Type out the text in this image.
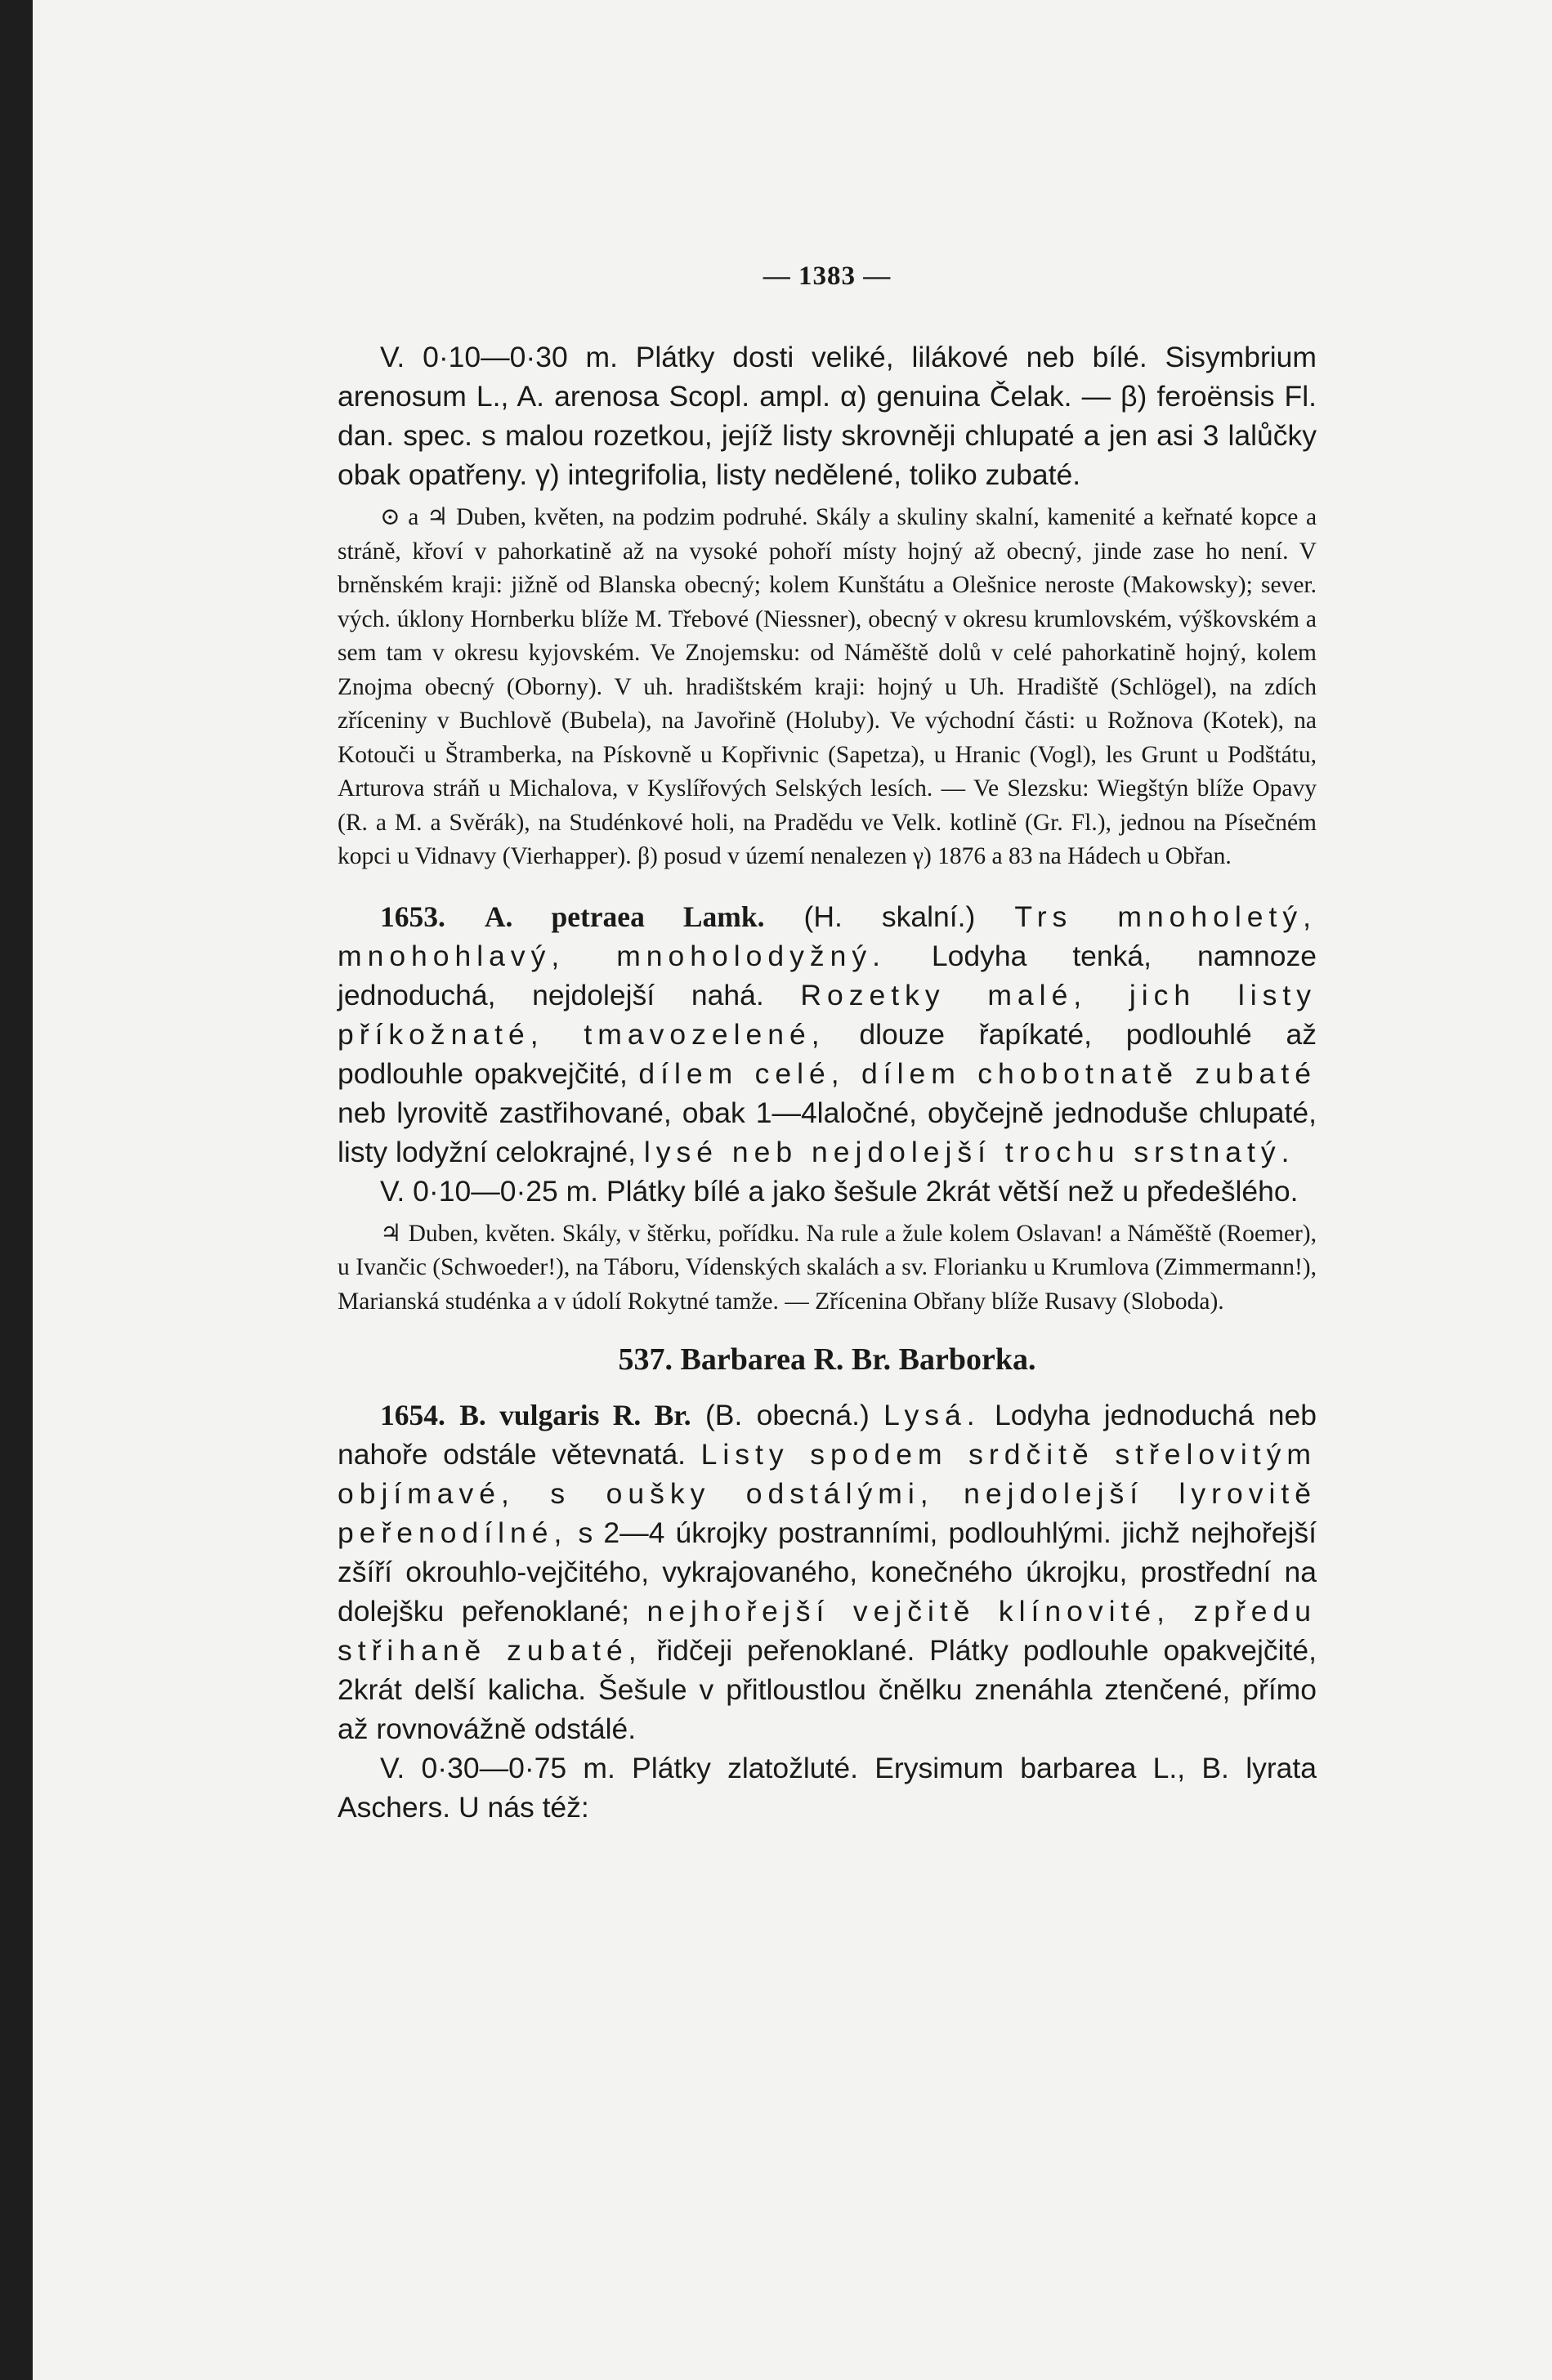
— 1383 —

V. 0·10—0·30 m. Plátky dosti veliké, lilákové neb bílé. Sisymbrium arenosum L., A. arenosa Scopl. ampl. α) genuina Čelak. — β) feroënsis Fl. dan. spec. s malou rozetkou, jejíž listy skrovněji chlupaté a jen asi 3 lalůčky obak opatřeny. γ) integrifolia, listy nedělené, toliko zubaté.

⊙ a ♃ Duben, květen, na podzim podruhé. Skály a skuliny skalní, kamenité a keřnaté kopce a stráně, křoví v pahorkatině až na vysoké pohoří místy hojný až obecný, jinde zase ho není. V brněnském kraji: jižně od Blanska obecný; kolem Kunštátu a Olešnice neroste (Makowsky); sever. vých. úklony Hornberku blíže M. Třebové (Niessner), obecný v okresu krumlovském, výškovském a sem tam v okresu kyjovském. Ve Znojemsku: od Náměště dolů v celé pahorkatině hojný, kolem Znojma obecný (Oborny). V uh. hradištském kraji: hojný u Uh. Hradiště (Schlögel), na zdích zříceniny v Buchlově (Bubela), na Javořině (Holuby). Ve východní části: u Rožnova (Kotek), na Kotouči u Štramberka, na Pískovně u Kopřivnic (Sapetza), u Hranic (Vogl), les Grunt u Podštátu, Arturova stráň u Michalova, v Kyslířových Selských lesích. — Ve Slezsku: Wiegštýn blíže Opavy (R. a M. a Svěrák), na Studénkové holi, na Pradědu ve Velk. kotlině (Gr. Fl.), jednou na Písečném kopci u Vidnavy (Vierhapper). β) posud v území nenalezen γ) 1876 a 83 na Hádech u Obřan.

1653. A. petraea Lamk. (H. skalní.) Trs mnoholetý, mnohohlavý, mnoholodyžný. Lodyha tenká, namnoze jednoduchá, nejdolejší nahá. Rozetky malé, jich listy příkožnaté, tmavozelené, dlouze řapíkaté, podlouhlé až podlouhle opakvejčité, dílem celé, dílem chobotnatě zubaté neb lyrovitě zastřihované, obak 1—4laločné, obyčejně jednoduše chlupaté, listy lodyžní celokrajné, lysé neb nejdolejší trochu srstnatý.

V. 0·10—0·25 m. Plátky bílé a jako šešule 2krát větší než u předešlého.

♃ Duben, květen. Skály, v štěrku, pořídku. Na rule a žule kolem Oslavan! a Náměště (Roemer), u Ivančic (Schwoeder!), na Táboru, Vídenských skalách a sv. Florianku u Krumlova (Zimmermann!), Marianská studénka a v údolí Rokytné tamže. — Zřícenina Obřany blíže Rusavy (Sloboda).

537. Barbarea R. Br. Barborka.

1654. B. vulgaris R. Br. (B. obecná.) Lysá. Lodyha jednoduchá neb nahoře odstále větevnatá. Listy spodem srdčitě střelovitým objímavé, s oušky odstálými, nejdolejší lyrovitě peřenodílné, s 2—4 úkrojky postranními, podlouhlými. jichž nejhořejší zšíří okrouhlo-vejčitého, vykrajovaného, konečného úkrojku, prostřední na dolejšku peřenoklané; nejhořejší vejčitě klínovité, zpředu střihaně zubaté, řidčeji peřenoklané. Plátky podlouhle opakvejčité, 2krát delší kalicha. Šešule v přitloustlou čnělku znenáhla ztenčené, přímo až rovnovážně odstálé.

V. 0·30—0·75 m. Plátky zlatožluté. Erysimum barbarea L., B. lyrata Aschers. U nás též:
